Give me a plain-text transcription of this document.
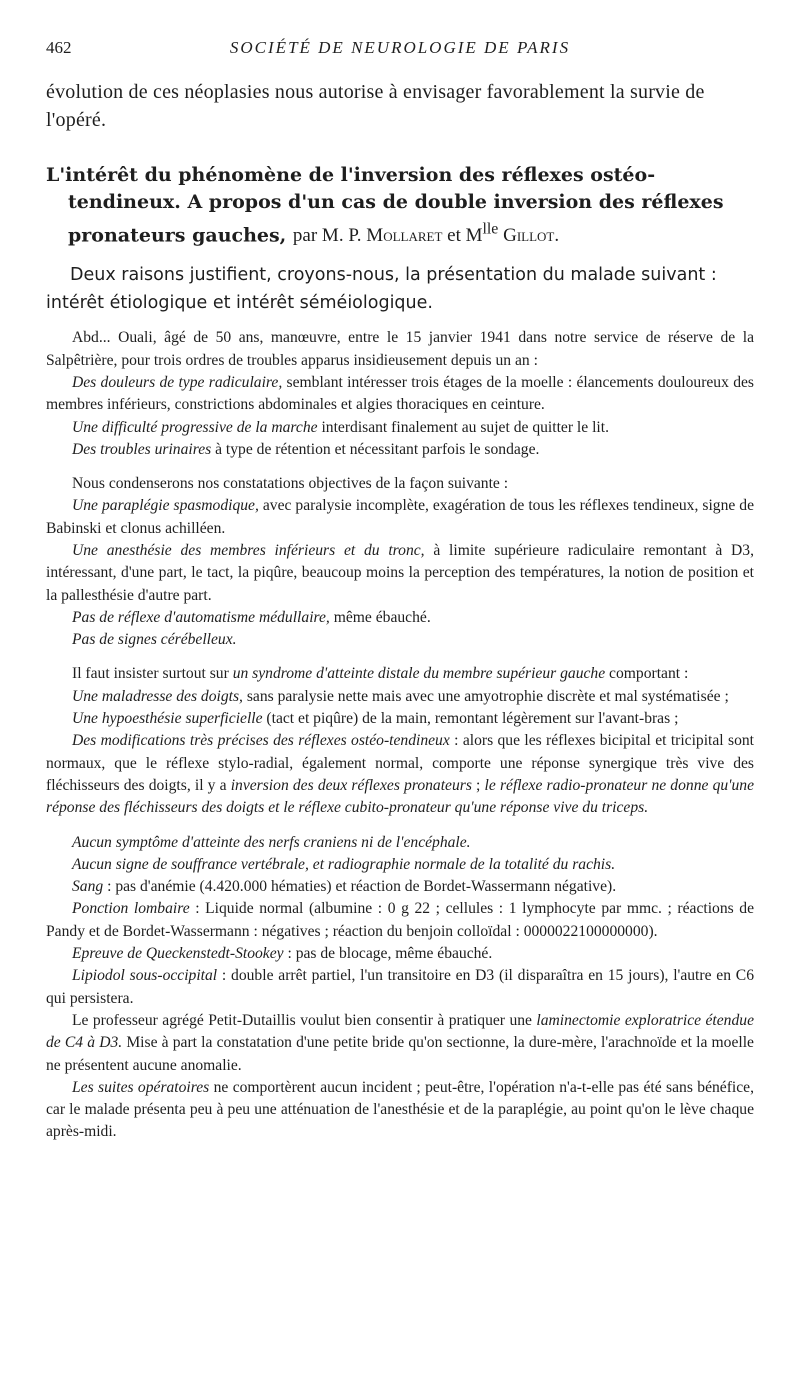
462	SOCIÉTÉ DE NEUROLOGIE DE PARIS

évolution de ces néoplasies nous autorise à envisager favorablement la survie de l'opéré.

L'intérêt du phénomène de l'inversion des réflexes ostéo-tendineux. A propos d'un cas de double inversion des réflexes pronateurs gauches, par M. P. Mollaret et $M^{lle}$ Gillot.

Deux raisons justifient, croyons-nous, la présentation du malade suivant : intérêt étiologique et intérêt séméiologique.

Abd... Ouali, âgé de 50 ans, manœuvre, entre le 15 janvier 1941 dans notre service de réserve de la Salpêtrière, pour trois ordres de troubles apparus insidieusement depuis un an :

Des douleurs de type radiculaire, semblant intéresser trois étages de la moelle : élancements douloureux des membres inférieurs, constrictions abdominales et algies thoraciques en ceinture.

Une difficulté progressive de la marche interdisant finalement au sujet de quitter le lit.

Des troubles urinaires à type de rétention et nécessitant parfois le sondage.

Nous condenserons nos constatations objectives de la façon suivante :

Une paraplégie spasmodique, avec paralysie incomplète, exagération de tous les réflexes tendineux, signe de Babinski et clonus achilléen.

Une anesthésie des membres inférieurs et du tronc, à limite supérieure radiculaire remontant à D3, intéressant, d'une part, le tact, la piqûre, beaucoup moins la perception des températures, la notion de position et la pallesthésie d'autre part.

Pas de réflexe d'automatisme médullaire, même ébauché.

Pas de signes cérébelleux.

Il faut insister surtout sur un syndrome d'atteinte distale du membre supérieur gauche comportant :

Une maladresse des doigts, sans paralysie nette mais avec une amyotrophie discrète et mal systématisée ;

Une hypoesthésie superficielle (tact et piqûre) de la main, remontant légèrement sur l'avant-bras ;

Des modifications très précises des réflexes ostéo-tendineux : alors que les réflexes bicipital et tricipital sont normaux, que le réflexe stylo-radial, également normal, comporte une réponse synergique très vive des fléchisseurs des doigts, il y a inversion des deux réflexes pronateurs ; le réflexe radio-pronateur ne donne qu'une réponse des fléchisseurs des doigts et le réflexe cubito-pronateur qu'une réponse vive du triceps.

Aucun symptôme d'atteinte des nerfs craniens ni de l'encéphale.

Aucun signe de souffrance vertébrale, et radiographie normale de la totalité du rachis.

Sang : pas d'anémie (4.420.000 hématies) et réaction de Bordet-Wassermann négative).

Ponction lombaire : Liquide normal (albumine : 0 g 22 ; cellules : 1 lymphocyte par mmc. ; réactions de Pandy et de Bordet-Wassermann : négatives ; réaction du benjoin colloïdal : 0000022100000000).

Epreuve de Queckenstedt-Stookey : pas de blocage, même ébauché.

Lipiodol sous-occipital : double arrêt partiel, l'un transitoire en D3 (il disparaîtra en 15 jours), l'autre en C6 qui persistera.

Le professeur agrégé Petit-Dutaillis voulut bien consentir à pratiquer une laminectomie exploratrice étendue de C4 à D3. Mise à part la constatation d'une petite bride qu'on sectionne, la dure-mère, l'arachnoïde et la moelle ne présentent aucune anomalie.

Les suites opératoires ne comportèrent aucun incident ; peut-être, l'opération n'a-t-elle pas été sans bénéfice, car le malade présenta peu à peu une atténuation de l'anesthésie et de la paraplégie, au point qu'on le lève chaque après-midi.
